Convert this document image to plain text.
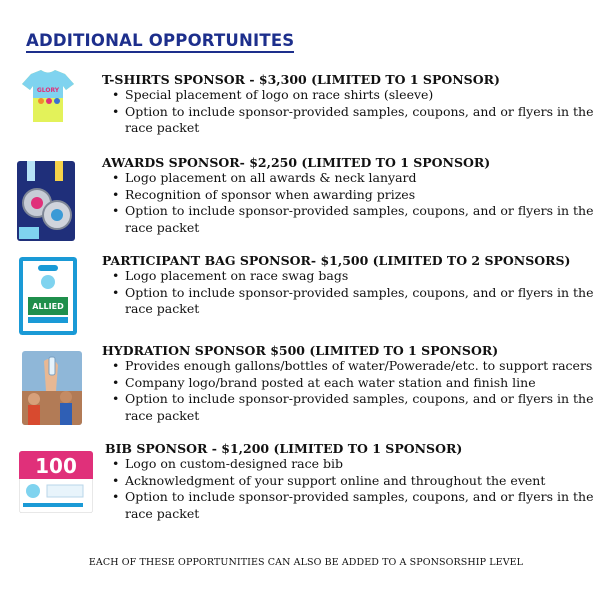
ADDITIONAL OPPORTUNITES
GLORY
T-SHIRTS SPONSOR - $3,300 (LIMITED TO 1 SPONSOR)
• Special placement of logo on race shirts (sleeve)
• Option to include sponsor-provided samples, coupons, and or flyers in the
race packet
AWARDS SPONSOR- $2,250 (LIMITED TO 1 SPONSOR)
• Logo placement on all awards & neck lanyard
• Recognition of sponsor when awarding prizes
• Option to include sponsor-provided samples, coupons, and or flyers in the
race packet
ALLIED
PARTICIPANT BAG SPONSOR- $1,500 (LIMITED TO 2 SPONSORS)
• Logo placement on race swag bags
• Option to include sponsor-provided samples, coupons, and or flyers in the
race packet
HYDRATION SPONSOR $500 (LIMITED TO 1 SPONSOR)
• Provides enough gallons/bottles of water/Powerade/etc. to support racers
• Company logo/brand posted at each water station and finish line
• Option to include sponsor-provided samples, coupons, and or flyers in the
race packet
100
BIB SPONSOR - $1,200 (LIMITED TO 1 SPONSOR)
• Logo on custom-designed race bib
• Acknowledgment of your support online and throughout the event
• Option to include sponsor-provided samples, coupons, and or flyers in the
race packet
EACH OF THESE OPPORTUNITIES CAN ALSO BE ADDED TO A SPONSORSHIP LEVEL
